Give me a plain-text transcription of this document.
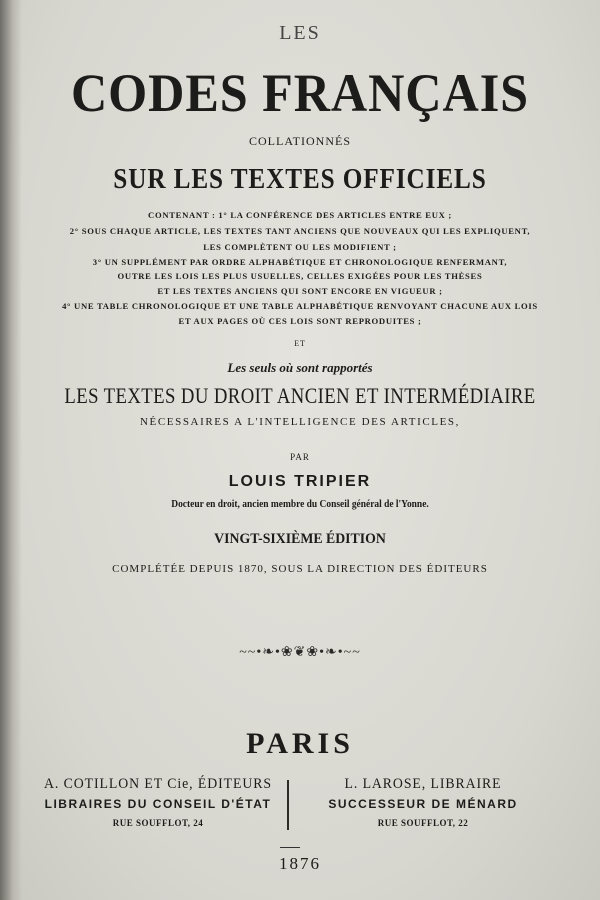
LES
CODES FRANÇAIS
COLLATIONNÉS
SUR LES TEXTES OFFICIELS
CONTENANT : 1° LA CONFÉRENCE DES ARTICLES ENTRE EUX ;
2° SOUS CHAQUE ARTICLE, LES TEXTES TANT ANCIENS QUE NOUVEAUX QUI LES EXPLIQUENT,
LES COMPLÈTENT OU LES MODIFIENT ;
3° UN SUPPLÉMENT PAR ORDRE ALPHABÉTIQUE ET CHRONOLOGIQUE RENFERMANT,
OUTRE LES LOIS LES PLUS USUELLES, CELLES EXIGÉES POUR LES THÈSES
ET LES TEXTES ANCIENS QUI SONT ENCORE EN VIGUEUR ;
4° UNE TABLE CHRONOLOGIQUE ET UNE TABLE ALPHABÉTIQUE RENVOYANT CHACUNE AUX LOIS
ET AUX PAGES OÙ CES LOIS SONT REPRODUITES ;
ET
Les seuls où sont rapportés
LES TEXTES DU DROIT ANCIEN ET INTERMÉDIAIRE
NÉCESSAIRES A L'INTELLIGENCE DES ARTICLES,
PAR
LOUIS TRIPIER
Docteur en droit, ancien membre du Conseil général de l'Yonne.
VINGT-SIXIÈME ÉDITION
COMPLÉTÉE DEPUIS 1870, SOUS LA DIRECTION DES ÉDITEURS
~~•❧•❀❦❀•❧•~~
PARIS
A. COTILLON ET Cie, ÉDITEURS
LIBRAIRES DU CONSEIL D'ÉTAT
RUE SOUFFLOT, 24
L. LAROSE, LIBRAIRE
SUCCESSEUR DE MÉNARD
RUE SOUFFLOT, 22
1876
